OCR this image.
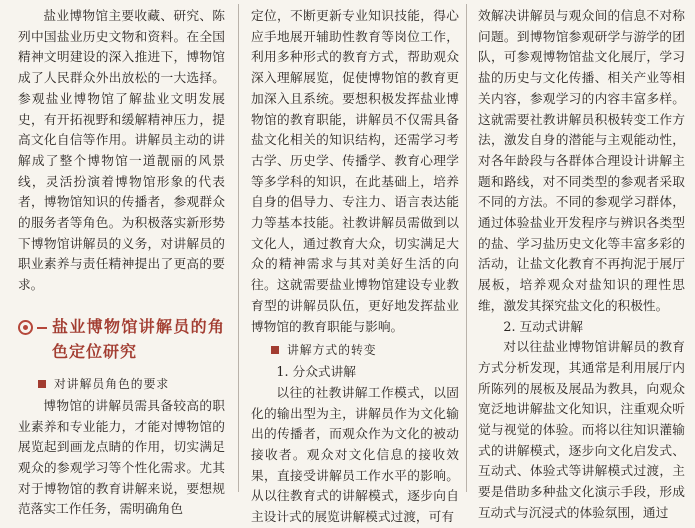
盐业博物馆主要收藏、研究、陈列中国盐业历史文物和资料。在全国精神文明建设的深入推进下，博物馆成了人民群众外出放松的一大选择。参观盐业博物馆了解盐业文明发展史，有开拓视野和缓解精神压力，提高文化自信等作用。讲解员主动的讲解成了整个博物馆一道靓丽的风景线，灵活扮演着博物馆形象的代表者，博物馆知识的传播者，参观群众的服务者等角色。为积极落实新形势下博物馆讲解员的义务，对讲解员的职业素养与责任精神提出了更高的要求。

盐业博物馆讲解员的角色定位研究
对讲解员角色的要求

博物馆的讲解员需具备较高的职业素养和专业能力，才能对博物馆的展览起到画龙点睛的作用，切实满足观众的参观学习等个性化需求。尤其对于博物馆的教育讲解来说，要想规范落实工作任务，需明确角色

定位，不断更新专业知识技能，得心应手地展开辅助性教育等岗位工作，利用多种形式的教育方式，帮助观众深入理解展览，促使博物馆的教育更加深入且系统。要想积极发挥盐业博物馆的教育职能，讲解员不仅需具备盐文化相关的知识结构，还需学习考古学、历史学、传播学、教育心理学等多学科的知识，在此基础上，培养自身的倡导力、专注力、语言表达能力等基本技能。社教讲解员需做到以文化人，通过教育大众，切实满足大众的精神需求与其对美好生活的向往。这就需要盐业博物馆建设专业教育型的讲解员队伍，更好地发挥盐业博物馆的教育职能与影响。

讲解方式的转变
1. 分众式讲解

以往的社教讲解工作模式，以固化的输出型为主，讲解员作为文化输出的传播者，而观众作为文化的被动接收者。观众对文化信息的接收效果，直接受讲解员工作水平的影响。从以往教育式的讲解模式，逐步向自主设计式的展览讲解模式过渡，可有

效解决讲解员与观众间的信息不对称问题。到博物馆参观研学与游学的团队，可参观博物馆盐文化展厅，学习盐的历史与文化传播、相关产业等相关内容，参观学习的内容丰富多样。这就需要社教讲解员积极转变工作方法，激发自身的潜能与主观能动性，对各年龄段与各群体合理设计讲解主题和路线，对不同类型的参观者采取不同的方法。不同的参观学习群体，通过体验盐业开发程序与辨识各类型的盐、学习盐历史文化等丰富多彩的活动，让盐文化教育不再拘泥于展厅展板，培养观众对盐知识的理性思维，激发其探究盐文化的积极性。

2. 互动式讲解

对以往盐业博物馆讲解员的教育方式分析发现，其通常是利用展厅内所陈列的展板及展品为教具，向观众宽泛地讲解盐文化知识，注重观众听觉与视觉的体验。而将以往知识灌输式的讲解模式，逐步向文化启发式、互动式、体验式等讲解模式过渡，主要是借助多种盐文化演示手段，形成互动式与沉浸式的体验氛围，通过
